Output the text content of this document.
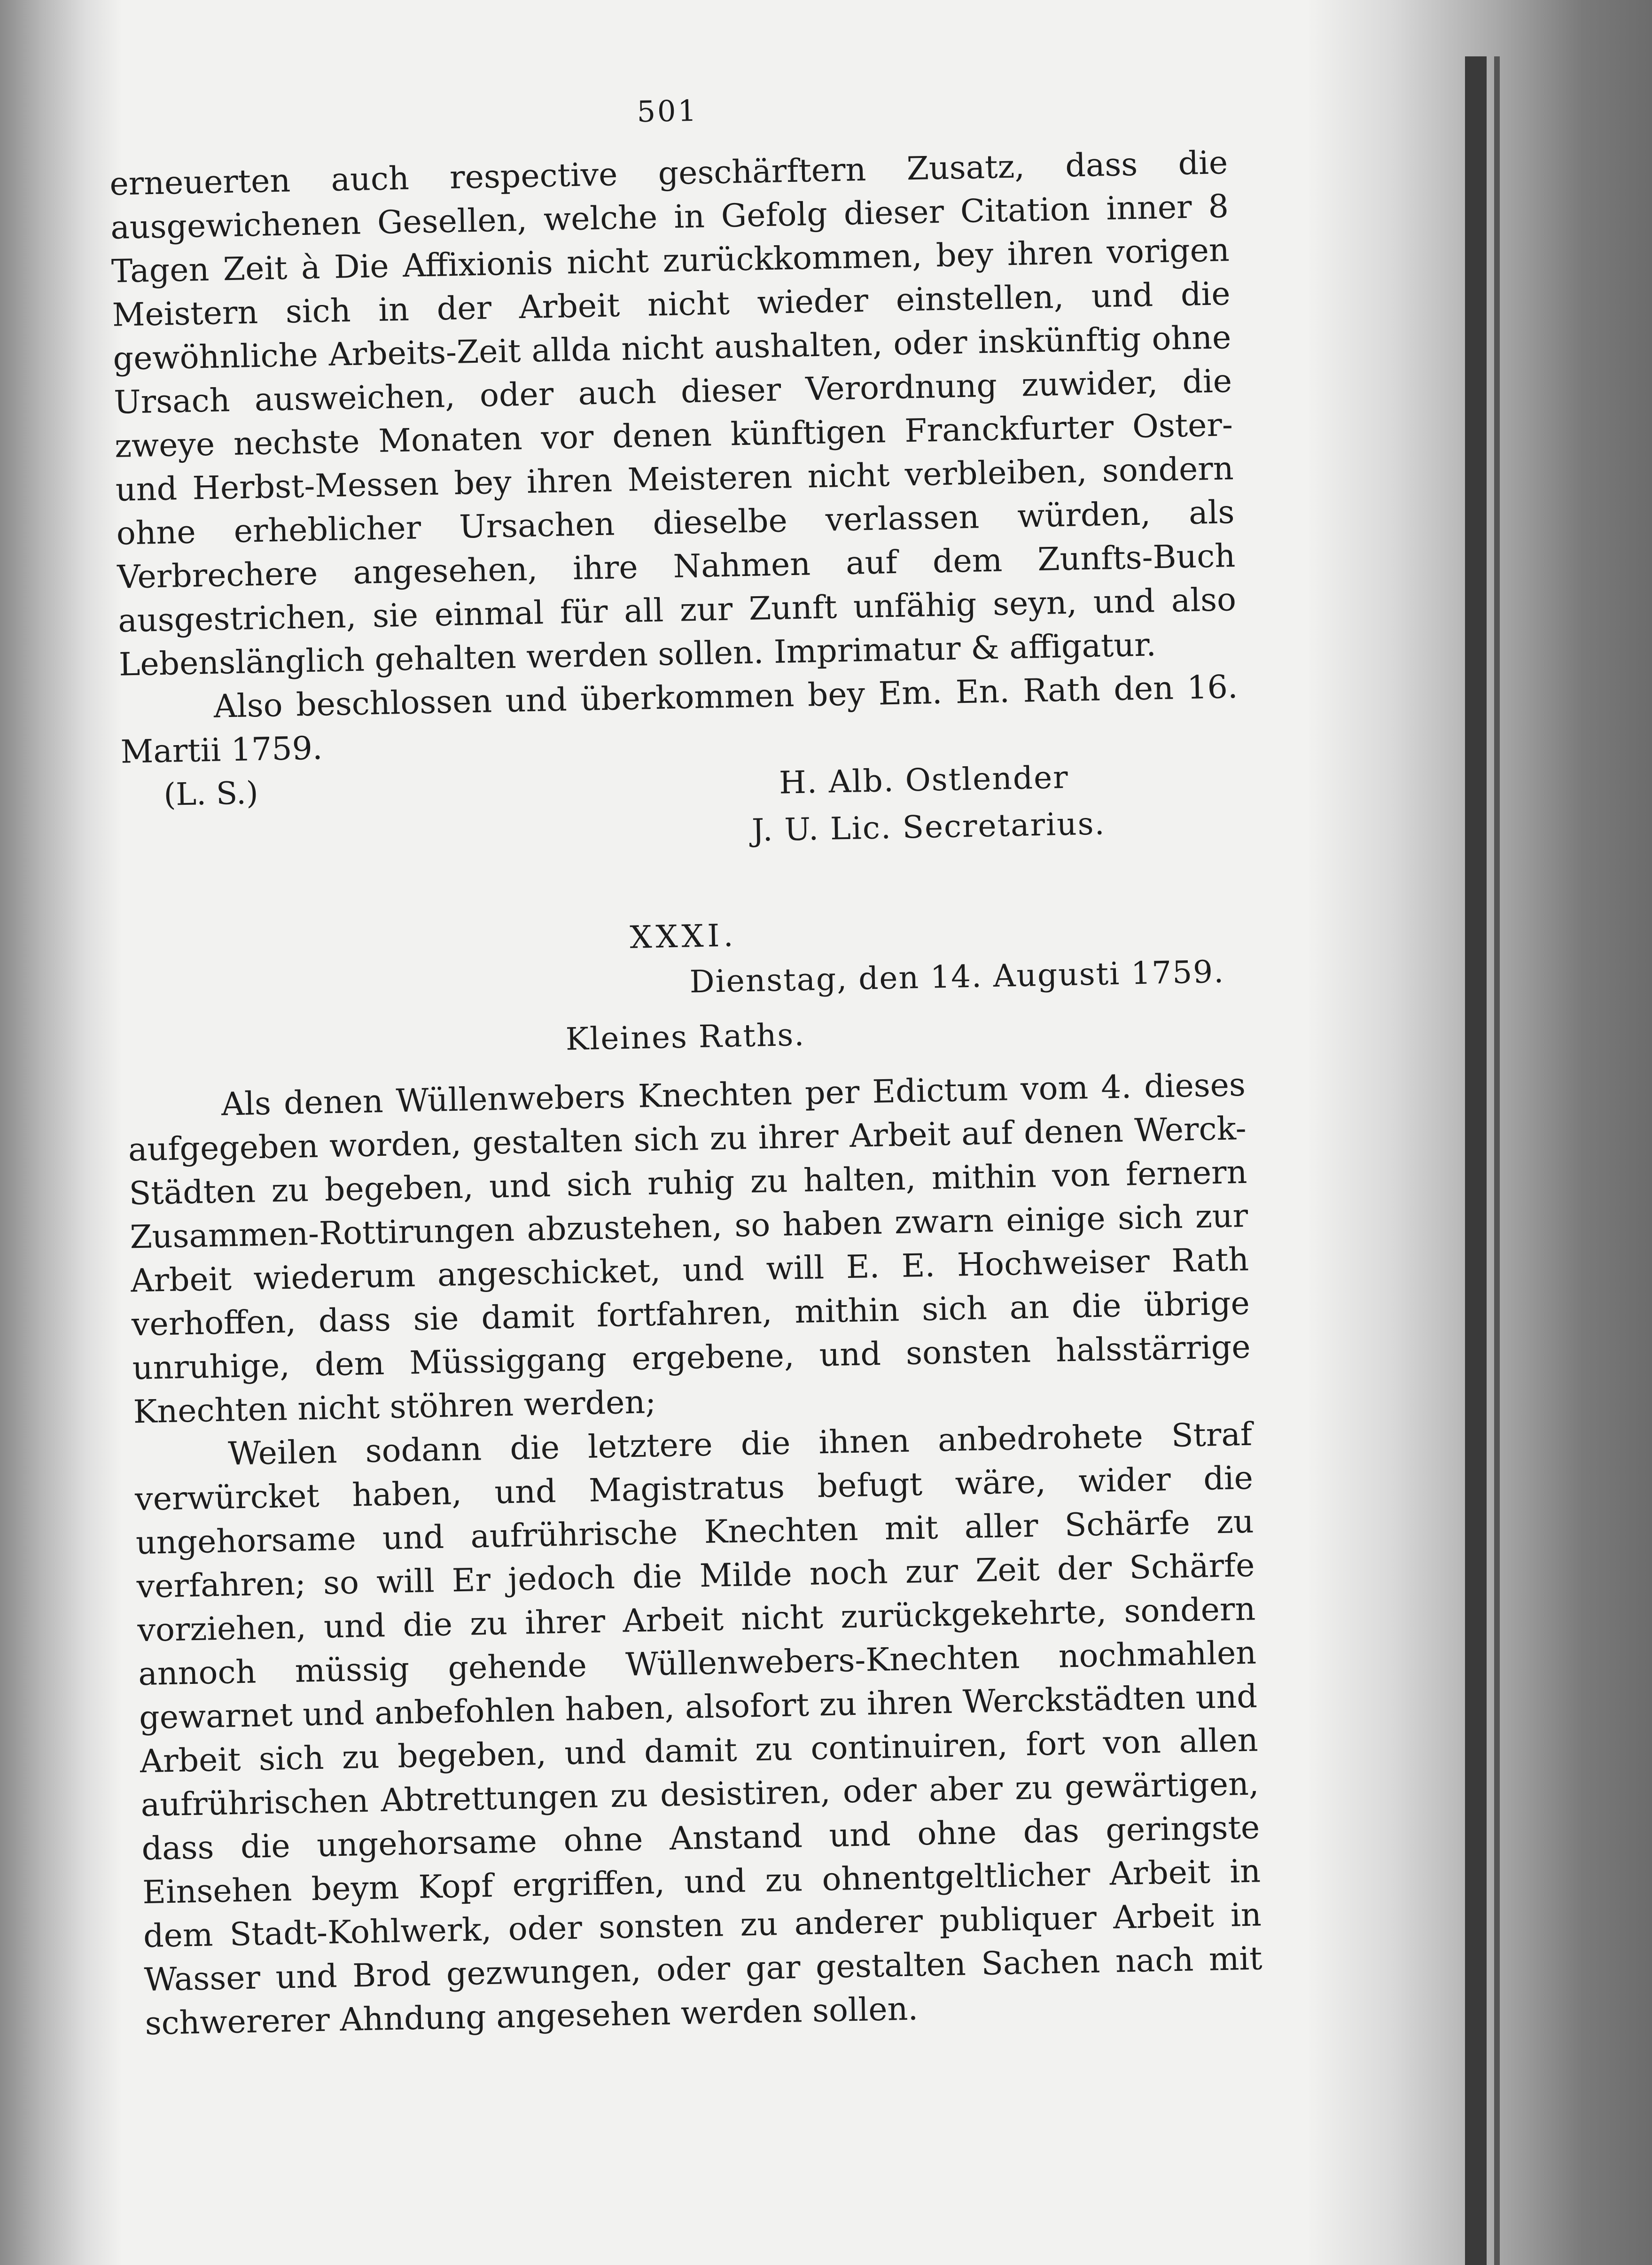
501

erneuerten auch respective geschärftern Zusatz, dass die ausgewichenen Gesellen, welche in Gefolg dieser Citation inner 8 Tagen Zeit à Die Affixionis nicht zurückkommen, bey ihren vorigen Meistern sich in der Arbeit nicht wieder einstellen, und die gewöhnliche Arbeits-Zeit allda nicht aushalten, oder inskünftig ohne Ursach ausweichen, oder auch dieser Verordnung zuwider, die zweye nechste Monaten vor denen künftigen Franckfurter Oster- und Herbst-Messen bey ihren Meisteren nicht verbleiben, sondern ohne erheblicher Ursachen dieselbe verlassen würden, als Verbrechere angesehen, ihre Nahmen auf dem Zunfts-Buch ausgestrichen, sie einmal für all zur Zunft unfähig seyn, und also Lebenslänglich gehalten werden sollen. Imprimatur & affigatur.

Also beschlossen und überkommen bey Em. En. Rath den 16. Martii 1759.

(L. S.)	H. Alb. Ostlender
J. U. Lic. Secretarius.
XXXI.
Dienstag, den 14. Augusti 1759.
Kleines Raths.

Als denen Wüllenwebers Knechten per Edictum vom 4. dieses aufgegeben worden, gestalten sich zu ihrer Arbeit auf denen Werck-Städten zu begeben, und sich ruhig zu halten, mithin von fernern Zusammen-Rottirungen abzustehen, so haben zwarn einige sich zur Arbeit wiederum angeschicket, und will E. E. Hochweiser Rath verhoffen, dass sie damit fortfahren, mithin sich an die übrige unruhige, dem Müssiggang ergebene, und sonsten halsstärrige Knechten nicht stöhren werden;

Weilen sodann die letztere die ihnen anbedrohete Straf verwürcket haben, und Magistratus befugt wäre, wider die ungehorsame und aufrührische Knechten mit aller Schärfe zu verfahren; so will Er jedoch die Milde noch zur Zeit der Schärfe vorziehen, und die zu ihrer Arbeit nicht zurückgekehrte, sondern annoch müssig gehende Wüllenwebers-Knechten nochmahlen gewarnet und anbefohlen haben, alsofort zu ihren Werckstädten und Arbeit sich zu begeben, und damit zu continuiren, fort von allen aufrührischen Abtrettungen zu desistiren, oder aber zu gewärtigen, dass die ungehorsame ohne Anstand und ohne das geringste Einsehen beym Kopf ergriffen, und zu ohnentgeltlicher Arbeit in dem Stadt-Kohlwerk, oder sonsten zu anderer publiquer Arbeit in Wasser und Brod gezwungen, oder gar gestalten Sachen nach mit schwererer Ahndung angesehen werden sollen.
